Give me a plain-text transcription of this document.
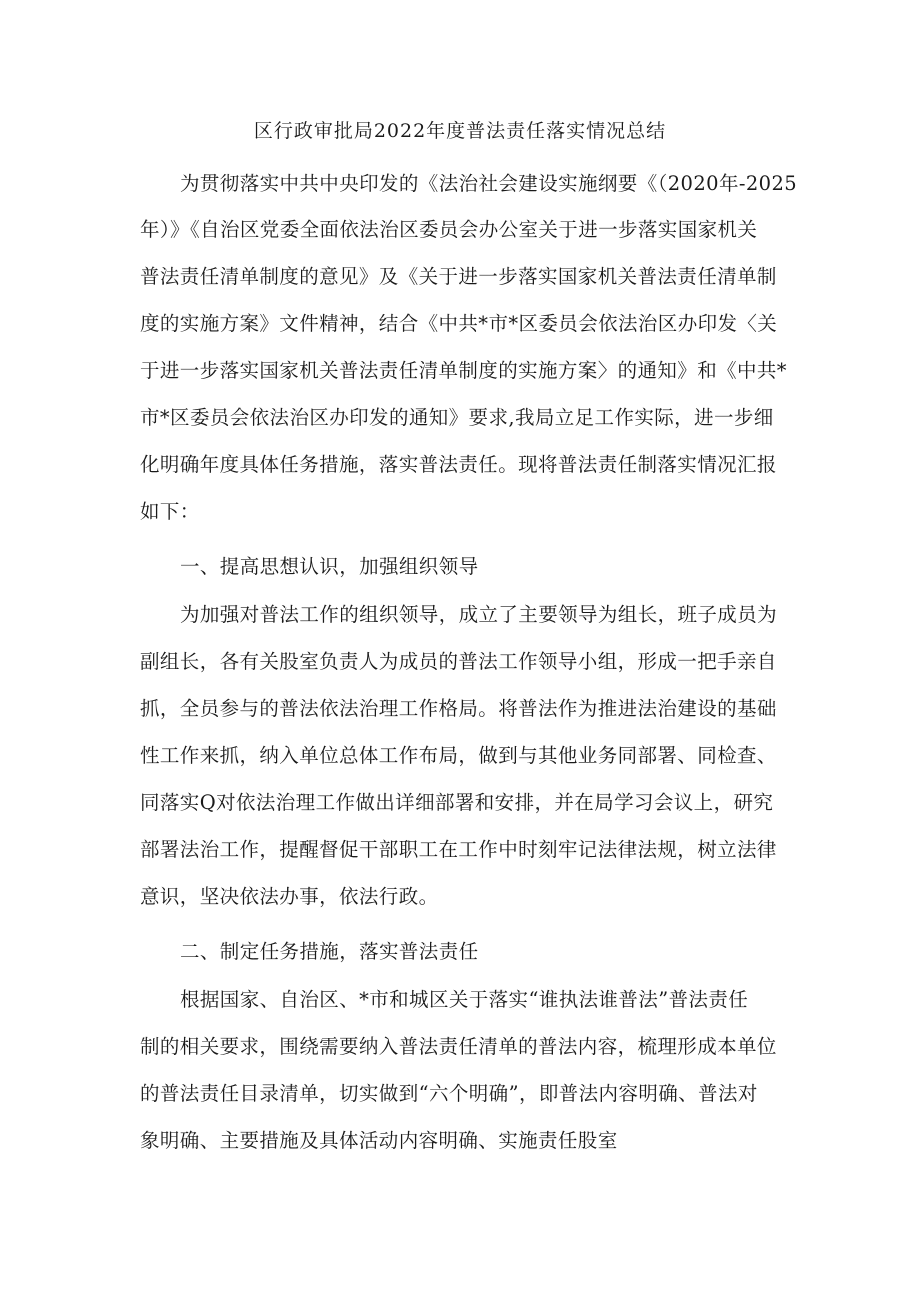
区行政审批局2022年度普法责任落实情况总结
为贯彻落实中共中央印发的《法治社会建设实施纲要《（2020年-2025
年）》《自治区党委全面依法治区委员会办公室关于进一步落实国家机关
普法责任清单制度的意见》及《关于进一步落实国家机关普法责任清单制
度的实施方案》文件精神，结合《中共*市*区委员会依法治区办印发〈关
于进一步落实国家机关普法责任清单制度的实施方案〉的通知》和《中共*
市*区委员会依法治区办印发的通知》要求,我局立足工作实际，进一步细
化明确年度具体任务措施，落实普法责任。现将普法责任制落实情况汇报
如下：
一、提高思想认识，加强组织领导
为加强对普法工作的组织领导，成立了主要领导为组长，班子成员为
副组长，各有关股室负责人为成员的普法工作领导小组，形成一把手亲自
抓，全员参与的普法依法治理工作格局。将普法作为推进法治建设的基础
性工作来抓，纳入单位总体工作布局，做到与其他业务同部署、同检查、
同落实Q对依法治理工作做出详细部署和安排，并在局学习会议上，研究
部署法治工作，提醒督促干部职工在工作中时刻牢记法律法规，树立法律
意识，坚决依法办事，依法行政。
二、制定任务措施，落实普法责任
根据国家、自治区、*市和城区关于落实“谁执法谁普法”普法责任
制的相关要求，围绕需要纳入普法责任清单的普法内容，梳理形成本单位
的普法责任目录清单，切实做到“六个明确”，即普法内容明确、普法对
象明确、主要措施及具体活动内容明确、实施责任股室
